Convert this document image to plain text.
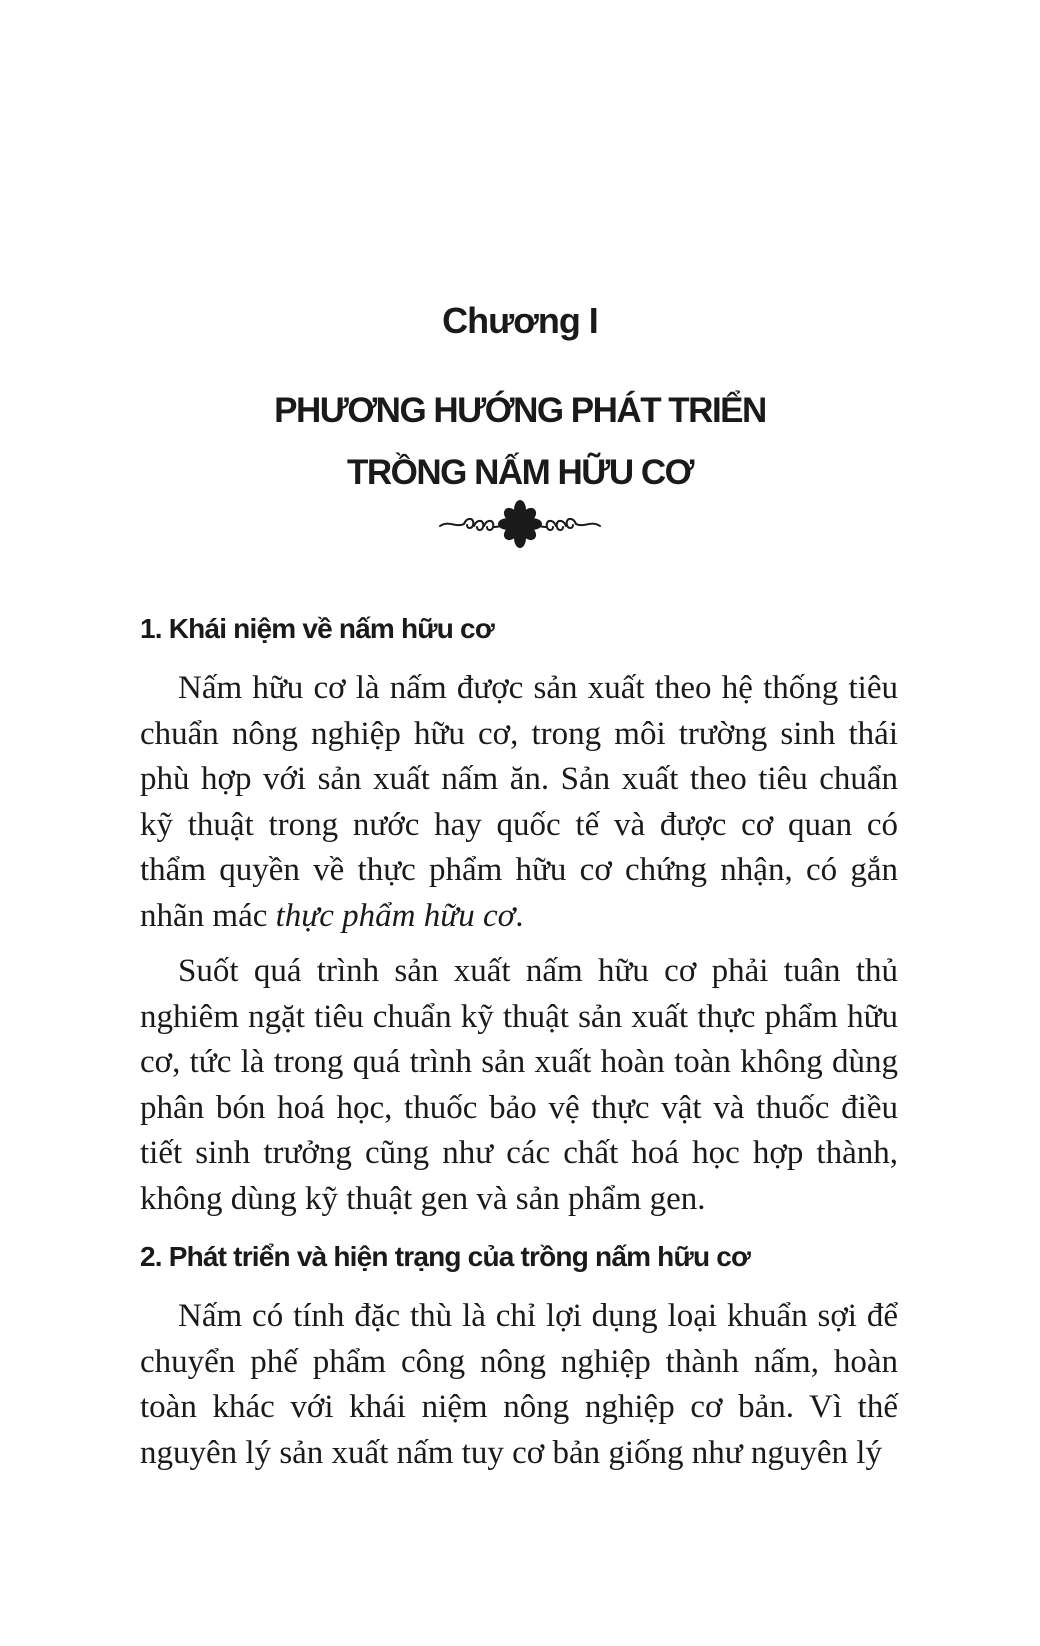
Chương I
PHƯƠNG HƯỚNG PHÁT TRIỂN
TRỒNG NẤM HỮU CƠ
1. Khái niệm về nấm hữu cơ

Nấm hữu cơ là nấm được sản xuất theo hệ thống tiêu chuẩn nông nghiệp hữu cơ, trong môi trường sinh thái phù hợp với sản xuất nấm ăn. Sản xuất theo tiêu chuẩn kỹ thuật trong nước hay quốc tế và được cơ quan có thẩm quyền về thực phẩm hữu cơ chứng nhận, có gắn nhãn mác thực phẩm hữu cơ.

Suốt quá trình sản xuất nấm hữu cơ phải tuân thủ nghiêm ngặt tiêu chuẩn kỹ thuật sản xuất thực phẩm hữu cơ, tức là trong quá trình sản xuất hoàn toàn không dùng phân bón hoá học, thuốc bảo vệ thực vật và thuốc điều tiết sinh trưởng cũng như các chất hoá học hợp thành, không dùng kỹ thuật gen và sản phẩm gen.

2. Phát triển và hiện trạng của trồng nấm hữu cơ

Nấm có tính đặc thù là chỉ lợi dụng loại khuẩn sợi để chuyển phế phẩm công nông nghiệp thành nấm, hoàn toàn khác với khái niệm nông nghiệp cơ bản. Vì thế nguyên lý sản xuất nấm tuy cơ bản giống như nguyên lý
